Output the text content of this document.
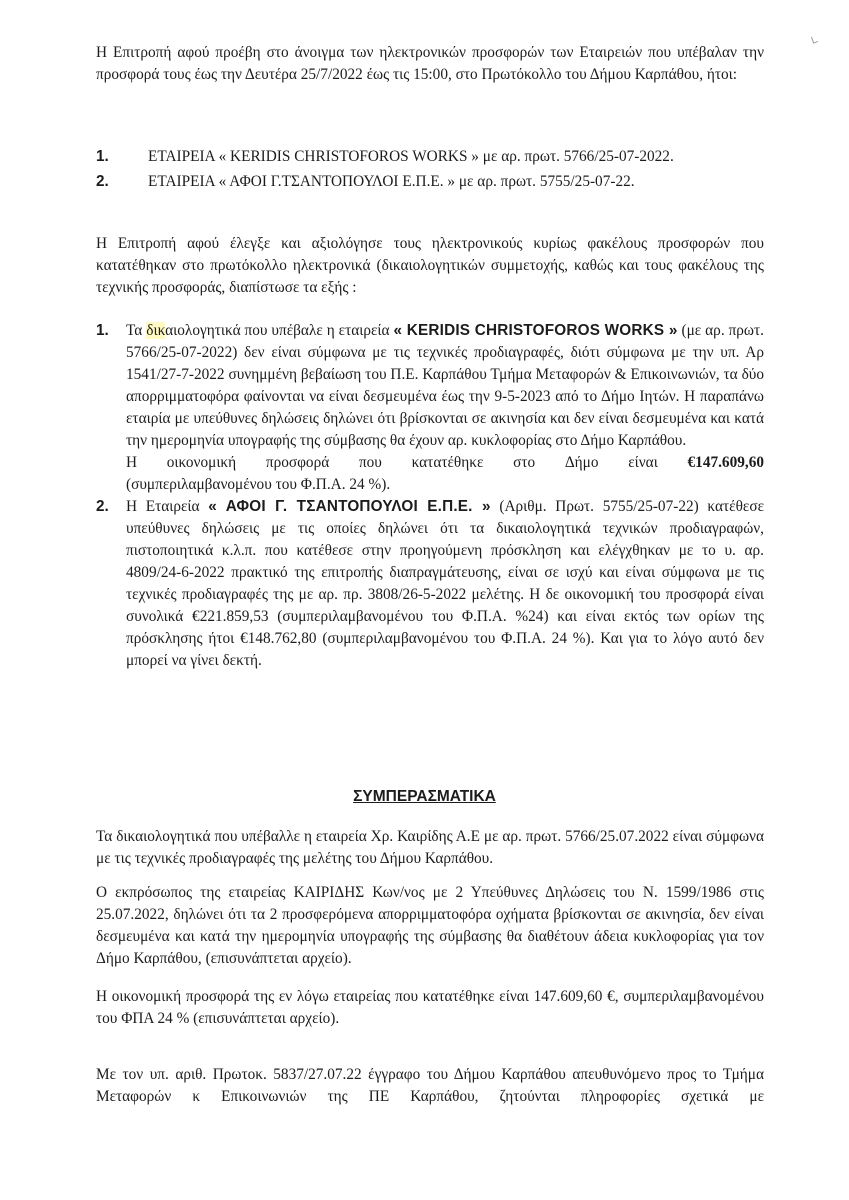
Η Επιτροπή αφού προέβη στο άνοιγμα των ηλεκτρονικών προσφορών των Εταιρειών που υπέβαλαν την προσφορά τους έως την Δευτέρα 25/7/2022 έως τις 15:00, στο Πρωτόκολλο του Δήμου Καρπάθου, ήτοι:
1.	ΕΤΑΙΡΕΙΑ « KERIDIS CHRISTOFOROS WORKS » με αρ. πρωτ. 5766/25-07-2022.
2.	ΕΤΑΙΡΕΙΑ « ΑΦΟΙ Γ.ΤΣΑΝΤΟΠΟΥΛΟΙ Ε.Π.Ε. » με αρ. πρωτ. 5755/25-07-22.
Η Επιτροπή αφού έλεγξε και αξιολόγησε τους ηλεκτρονικούς κυρίως φακέλους προσφορών που κατατέθηκαν στο πρωτόκολλο ηλεκτρονικά (δικαιολογητικών συμμετοχής, καθώς και τους φακέλους της τεχνικής προσφοράς, διαπίστωσε τα εξής :
1. Τα δικαιολογητικά που υπέβαλε η εταιρεία « KERIDIS CHRISTOFOROS WORKS » (με αρ. πρωτ. 5766/25-07-2022) δεν είναι σύμφωνα με τις τεχνικές προδιαγραφές, διότι σύμφωνα με την υπ. Αρ 1541/27-7-2022 συνημμένη βεβαίωση του Π.Ε. Καρπάθου Τμήμα Μεταφορών & Επικοινωνιών, τα δύο απορριμματοφόρα φαίνονται να είναι δεσμευμένα έως την 9-5-2023 από το Δήμο Ιητών. Η παραπάνω εταιρία με υπεύθυνες δηλώσεις δηλώνει ότι βρίσκονται σε ακινησία και δεν είναι δεσμευμένα και κατά την ημερομηνία υπογραφής της σύμβασης θα έχουν αρ. κυκλοφορίας στο Δήμο Καρπάθου.
Η οικονομική προσφορά που κατατέθηκε στο Δήμο είναι €147.609,60
(συμπεριλαμβανομένου του Φ.Π.Α. 24 %).
2. Η Εταιρεία « ΑΦΟΙ Γ. ΤΣΑΝΤΟΠΟΥΛΟΙ Ε.Π.Ε. » (Αριθμ. Πρωτ. 5755/25-07-22) κατέθεσε υπεύθυνες δηλώσεις με τις οποίες δηλώνει ότι τα δικαιολογητικά τεχνικών προδιαγραφών, πιστοποιητικά κ.λ.π. που κατέθεσε στην προηγούμενη πρόσκληση και ελέγχθηκαν με το υ. αρ. 4809/24-6-2022 πρακτικό της επιτροπής διαπραγμάτευσης, είναι σε ισχύ και είναι σύμφωνα με τις τεχνικές προδιαγραφές της με αρ. πρ. 3808/26-5-2022 μελέτης. Η δε οικονομική του προσφορά είναι συνολικά €221.859,53 (συμπεριλαμβανομένου του Φ.Π.Α. %24) και είναι εκτός των ορίων της πρόσκλησης ήτοι €148.762,80 (συμπεριλαμβανομένου του Φ.Π.Α. 24 %). Και για το λόγο αυτό δεν μπορεί να γίνει δεκτή.
ΣΥΜΠΕΡΑΣΜΑΤΙΚΑ
Τα δικαιολογητικά που υπέβαλλε η εταιρεία Χρ. Καιρίδης Α.Ε με αρ. πρωτ. 5766/25.07.2022 είναι σύμφωνα με τις τεχνικές προδιαγραφές της μελέτης του Δήμου Καρπάθου.
Ο εκπρόσωπος της εταιρείας ΚΑΙΡΙΔΗΣ Κων/νος με 2 Υπεύθυνες Δηλώσεις του Ν. 1599/1986 στις 25.07.2022, δηλώνει ότι τα 2 προσφερόμενα απορριμματοφόρα οχήματα βρίσκονται σε ακινησία, δεν είναι δεσμευμένα και κατά την ημερομηνία υπογραφής της σύμβασης θα διαθέτουν άδεια κυκλοφορίας για τον Δήμο Καρπάθου, (επισυνάπτεται αρχείο).
Η οικονομική προσφορά της εν λόγω εταιρείας που κατατέθηκε είναι 147.609,60 €, συμπεριλαμβανομένου του ΦΠΑ 24 % (επισυνάπτεται αρχείο).
Με τον υπ. αριθ. Πρωτοκ. 5837/27.07.22 έγγραφο του Δήμου Καρπάθου απευθυνόμενο προς το Τμήμα Μεταφορών κ Επικοινωνιών της ΠΕ Καρπάθου, ζητούνται πληροφορίες σχετικά με
